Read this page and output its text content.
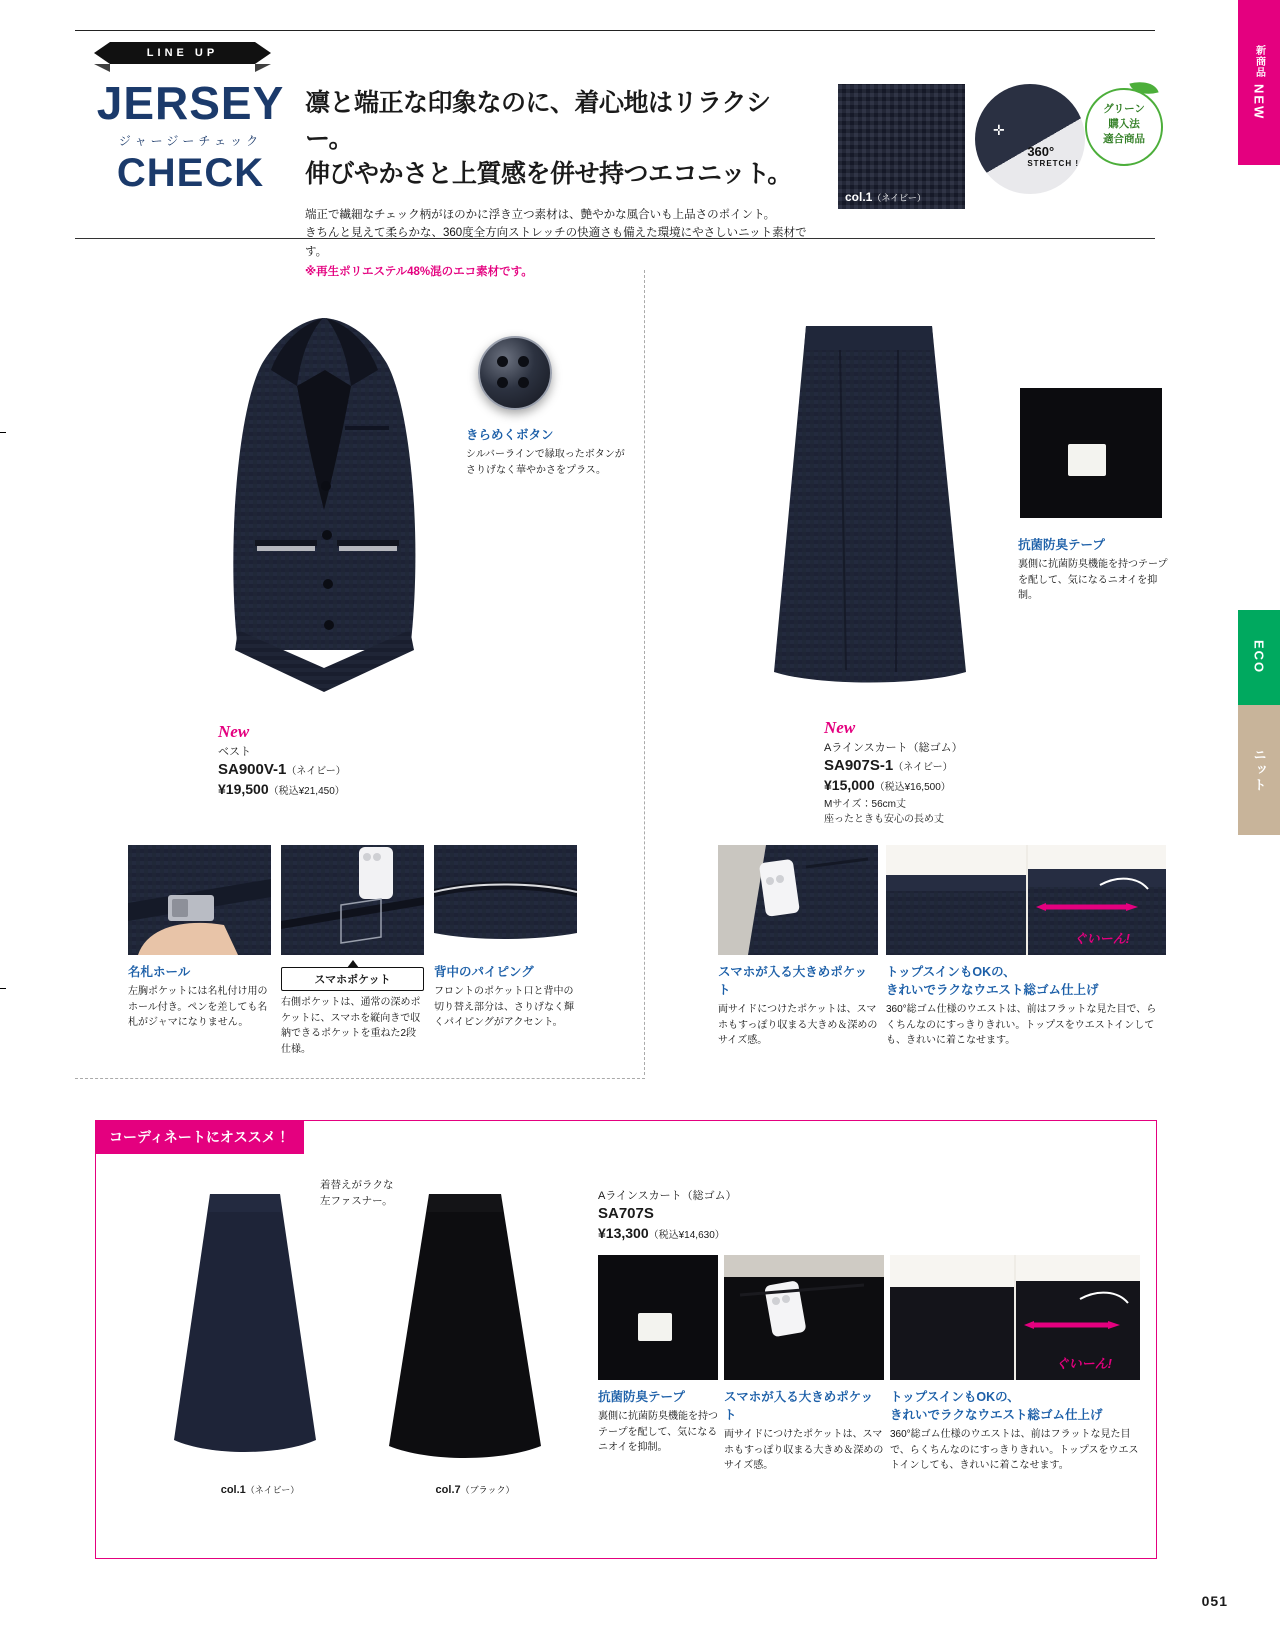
新商品
NEW
ECO
ニット
LINE UP
JERSEY
ジャージーチェック
CHECK
凛と端正な印象なのに、着心地はリラクシー。
伸びやかさと上質感を併せ持つエコニット。
端正で繊細なチェック柄がほのかに浮き立つ素材は、艶やかな風合いも上品さのポイント。
きちんと見えて柔らかな、360度全方向ストレッチの快適さも備えた環境にやさしいニット素材です。
※再生ポリエステル48%混のエコ素材です。
col.1（ネイビー）
✛
360°
STRETCH !
グリーン
購入法
適合商品
きらめくボタン
シルバーラインで縁取ったボタンが
さりげなく華やかさをプラス。
New
ベスト
SA900V-1（ネイビー）
¥19,500（税込¥21,450）
名札ホール
左胸ポケットには名札付け用のホール付き。ペンを差しても名札がジャマになりません。
スマホポケット
右側ポケットは、通常の深めポケットに、スマホを縦向きで収納できるポケットを重ねた2段仕様。
背中のパイピング
フロントのポケット口と背中の切り替え部分は、さりげなく輝くパイピングがアクセント。
抗菌防臭テープ
裏側に抗菌防臭機能を持つテープを配して、気になるニオイを抑制。
New
Aラインスカート（総ゴム）
SA907S-1（ネイビー）
¥15,000（税込¥16,500）
Mサイズ：56cm丈
座ったときも安心の長め丈
スマホが入る大きめポケット
両サイドにつけたポケットは、スマホもすっぽり収まる大きめ＆深めのサイズ感。
ぐいーん!
トップスインもOKの、
きれいでラクなウエスト総ゴム仕上げ
360°総ゴム仕様のウエストは、前はフラットな見た目で、らくちんなのにすっきりきれい。トップスをウエストインしても、きれいに着こなせます。
コーディネートにオススメ！
着替えがラクな
左ファスナー。
col.1（ネイビー）	col.7（ブラック）
Aラインスカート（総ゴム）
SA707S
¥13,300（税込¥14,630）
抗菌防臭テープ
裏側に抗菌防臭機能を持つテープを配して、気になるニオイを抑制。
スマホが入る大きめポケット
両サイドにつけたポケットは、スマホもすっぽり収まる大きめ＆深めのサイズ感。
ぐいーん!
トップスインもOKの、
きれいでラクなウエスト総ゴム仕上げ
360°総ゴム仕様のウエストは、前はフラットな見た目で、らくちんなのにすっきりきれい。トップスをウエストインしても、きれいに着こなせます。
051
